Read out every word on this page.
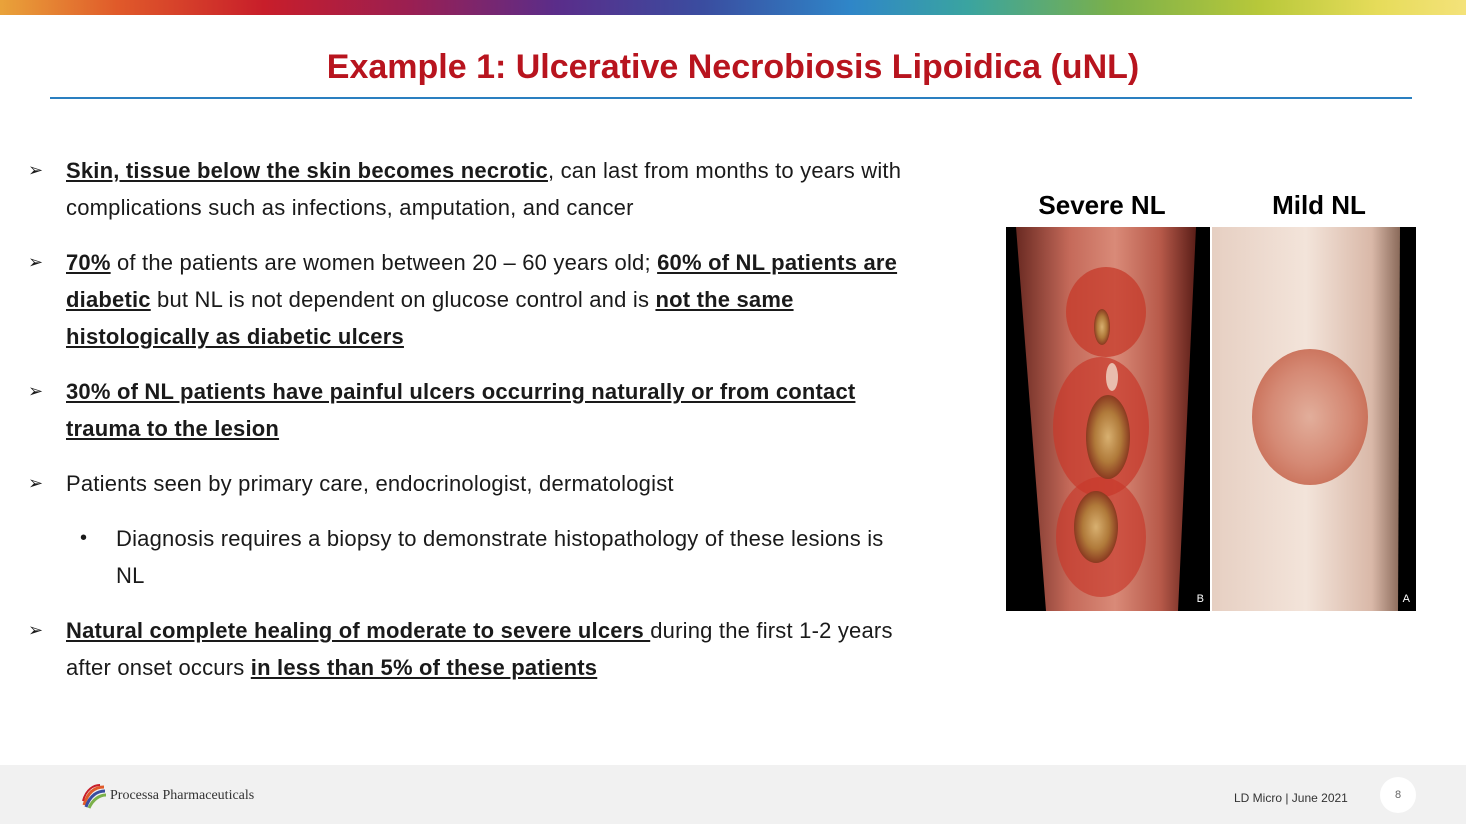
Example 1: Ulcerative Necrobiosis Lipoidica (uNL)
➢ Skin, tissue below the skin becomes necrotic, can last from months to years with complications such as infections, amputation, and cancer
➢ 70% of the patients are women between 20 – 60 years old; 60% of NL patients are diabetic but NL is not dependent on glucose control and is not the same histologically as diabetic ulcers
➢ 30% of NL patients have painful ulcers occurring naturally or from contact trauma to the lesion
➢ Patients seen by primary care, endocrinologist, dermatologist
• Diagnosis requires a biopsy to demonstrate histopathology of these lesions is NL
➢ Natural complete healing of moderate to severe ulcers during the first 1-2 years after onset occurs in less than 5% of these patients
Severe NL	Mild NL
B	A
Processa Pharmaceuticals	LD Micro | June 2021	8
